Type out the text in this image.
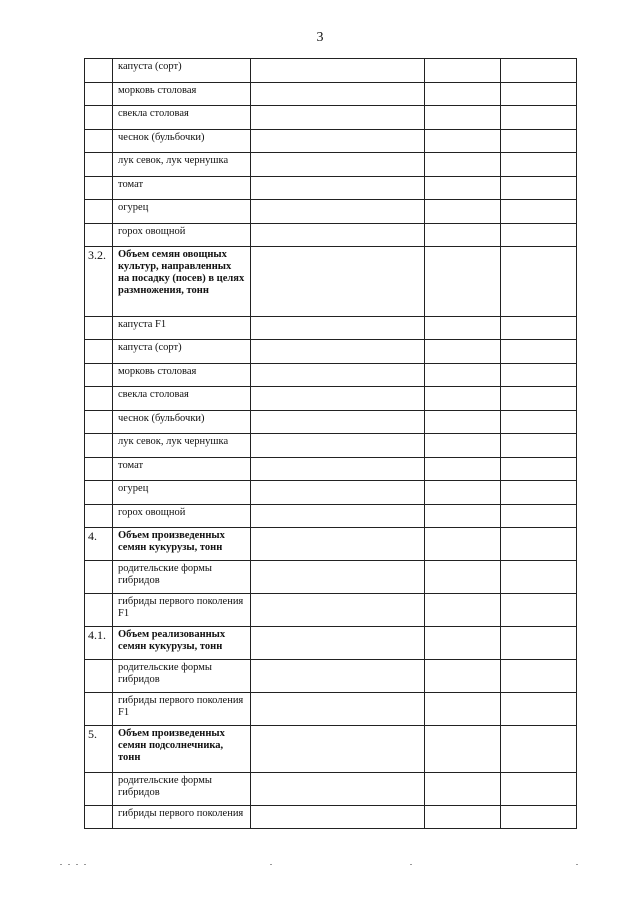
3
	капуста (сорт)			
	морковь столовая			
	свекла столовая			
	чеснок (бульбочки)			
	лук севок, лук чернушка			
	томат			
	огурец			
	горох овощной			
3.2.	Объем семян овощных культур, направленных на посадку (посев) в целях размножения, тонн			
	капуста F1			
	капуста (сорт)			
	морковь столовая			
	свекла столовая			
	чеснок (бульбочки)			
	лук севок, лук чернушка			
	томат			
	огурец			
	горох овощной			
4.	Объем произведенных семян кукурузы, тонн			
	родительские формы гибридов			
	гибриды первого поколения F1			
4.1.	Объем реализованных семян кукурузы, тонн			
	родительские формы гибридов			
	гибриды первого поколения F1			
5.	Объем произведенных семян подсолнечника, тонн			
	родительские формы гибридов			
	гибриды первого поколения			
